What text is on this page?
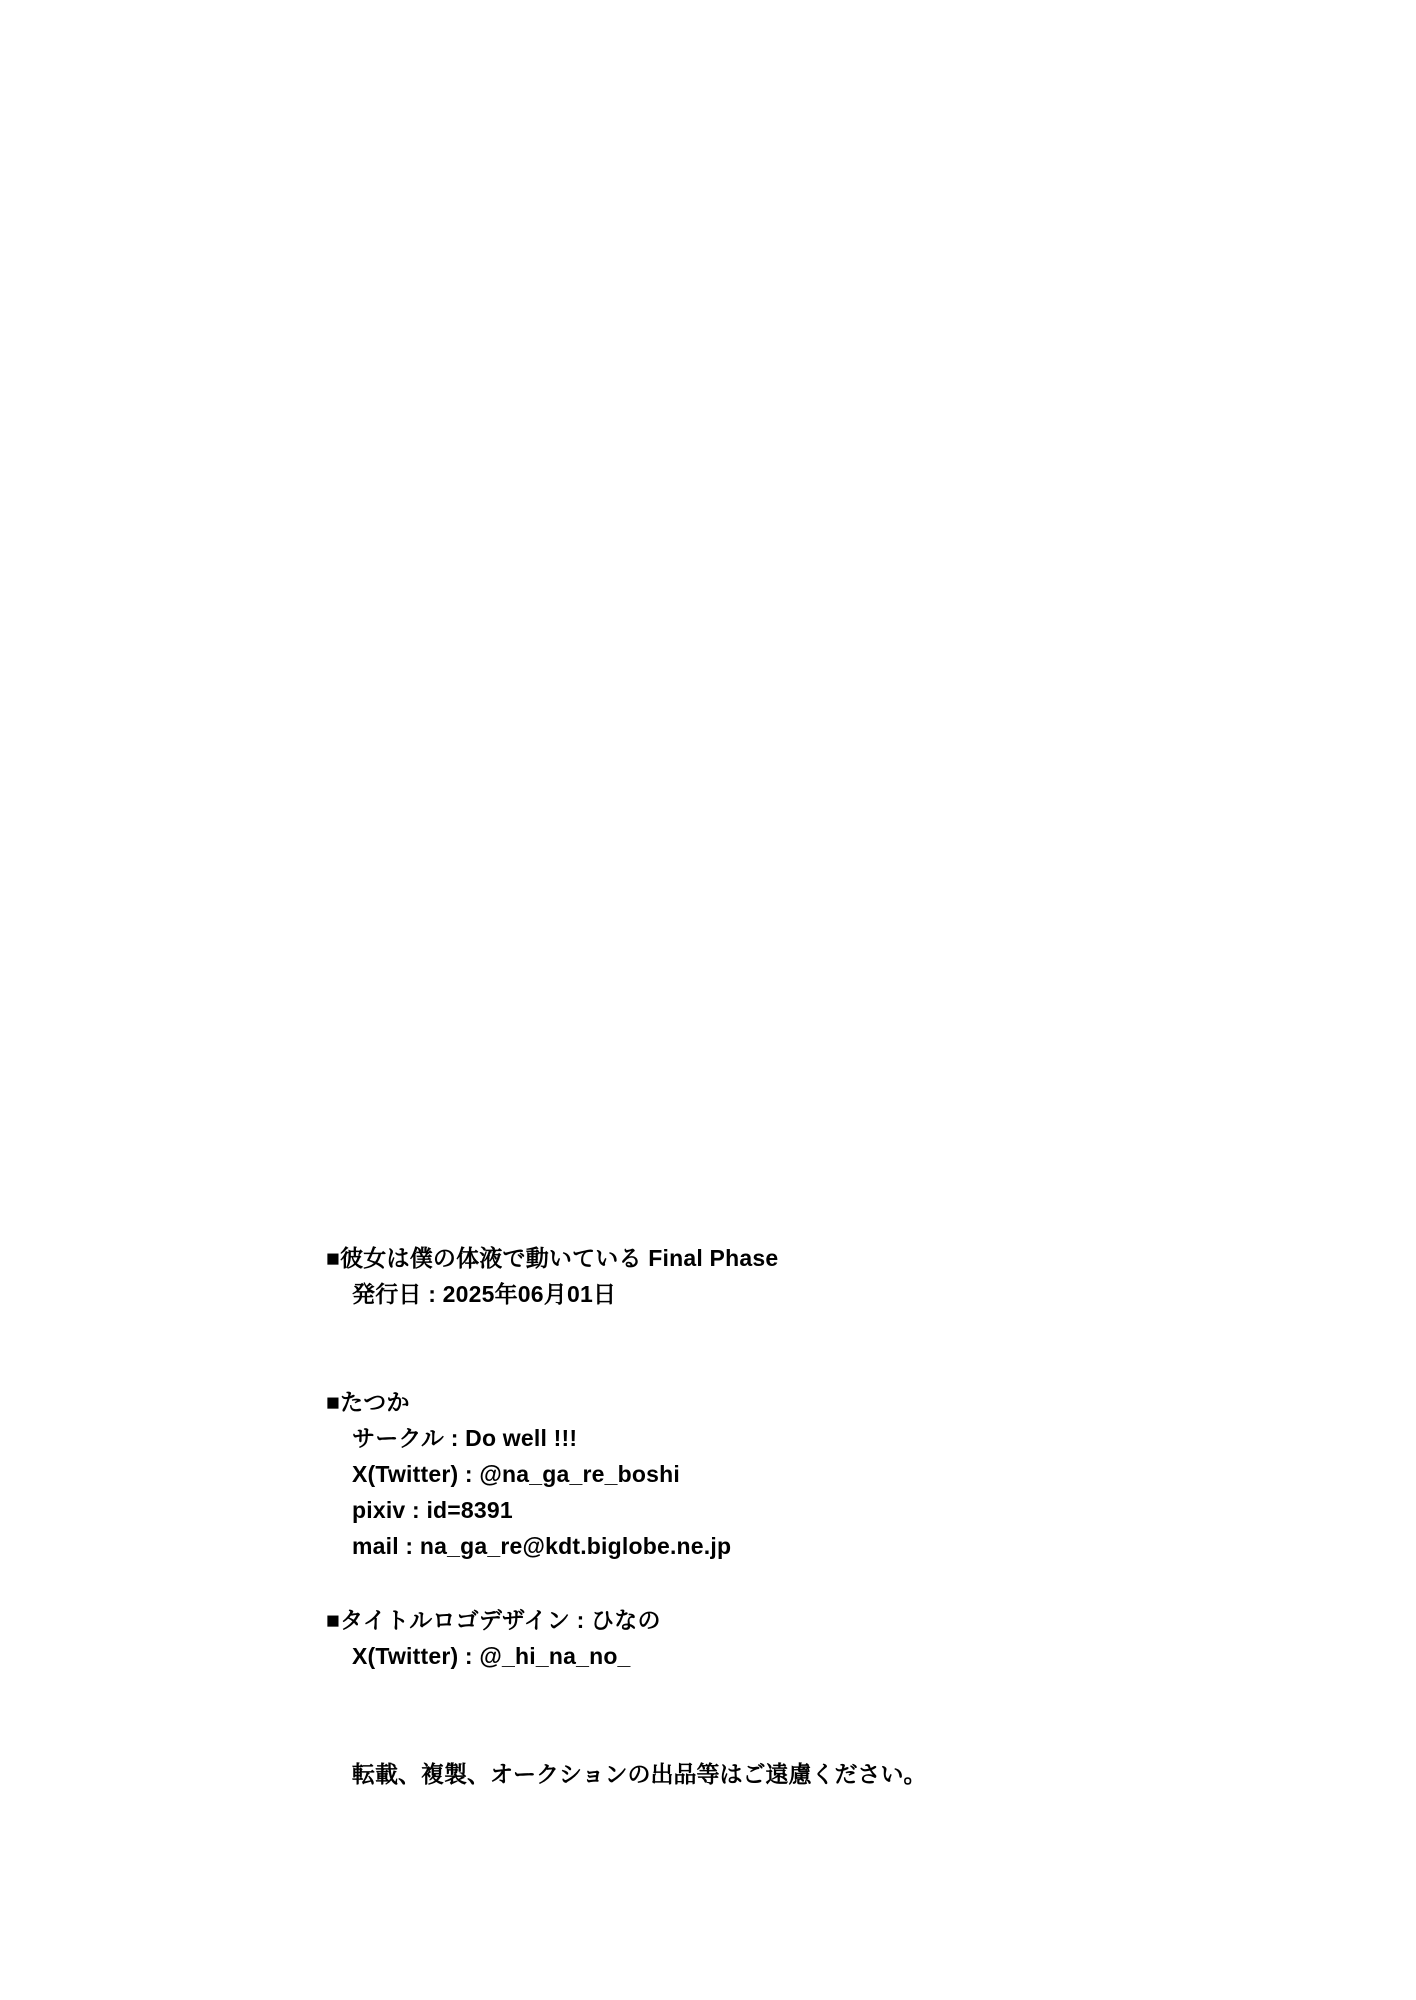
■彼女は僕の体液で動いている Final Phase
発行日 : 2025年06月01日
■たつか
サークル : Do well !!!
X(Twitter) : @na_ga_re_boshi
pixiv : id=8391
mail : na_ga_re@kdt.biglobe.ne.jp
■タイトルロゴデザイン : ひなの
X(Twitter) : @_hi_na_no_
転載、複製、オークションの出品等はご遠慮ください。
